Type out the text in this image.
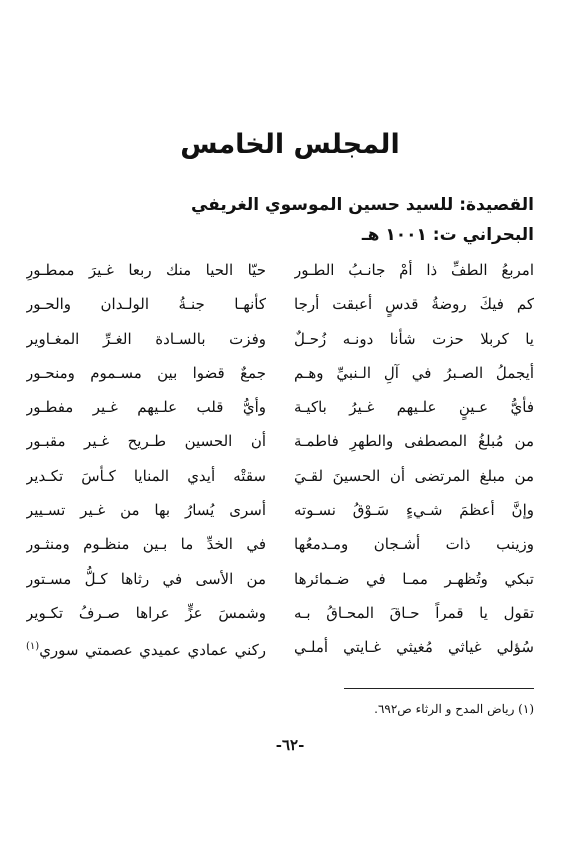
المجلس الخامس
القصيدة: للسيد حسين الموسوي الغريفي
البحراني ت: ١٠٠١ هـ
امربعُ الطفِّ ذا أمْ جانـبُ الطـور
كم فيكَ روضةُ قدسٍ أعبقت أرجا
يا كربلا حزت شأنا دونـه زُحـلٌ
أيجملُ الصـبرُ في آلِ الـنبيِّ وهـم
فأيُّ عـينٍ علـيهم غـيرُ باكيـة
من مُبلغُ المصطفى والطهرِ فاطمـة
من مبلغ المرتضى أن الحسينَ لقـيَ
وإنَّ أعظمَ شـيءٍ سَـوْقُ نسـوته
وزينب ذات أشـجان ومـدمعُها
تبكي وتُظهـر ممـا في ضـمائرها
تقول يا قمراً حـاقَ المحـاقُ بـه
سُؤلي غياثي مُغيثي غـايتي أملـي
حيّا الحيا منك ربعا غـيرَ ممطـورِ
كأنهـا جنـةُ الولـدان والحـور
وفزت بالسـادة الغـرِّ المغـاوير
جمعٌ قضوا بين مسـموم ومنحـور
وأيُّ قلب علـيهم غـير مفطـور
أن الحسين طـريح غـير مقبـور
سقتْه أيدي المنايا كـأسَ تكـدير
أسرى يُسارُ بها من غـير تسـيير
في الخدِّ ما بـين منظـوم ومنثـور
من الأسى في رثاها كـلُّ مسـتور
وشمسَ عزٍّ عراها صـرفُ تكـوير
ركني عمادي عميدي عصمتي سوري$^{(١)}$
(١) رياض المدح و الرثاء ص٦٩٢.
-٦٢-
